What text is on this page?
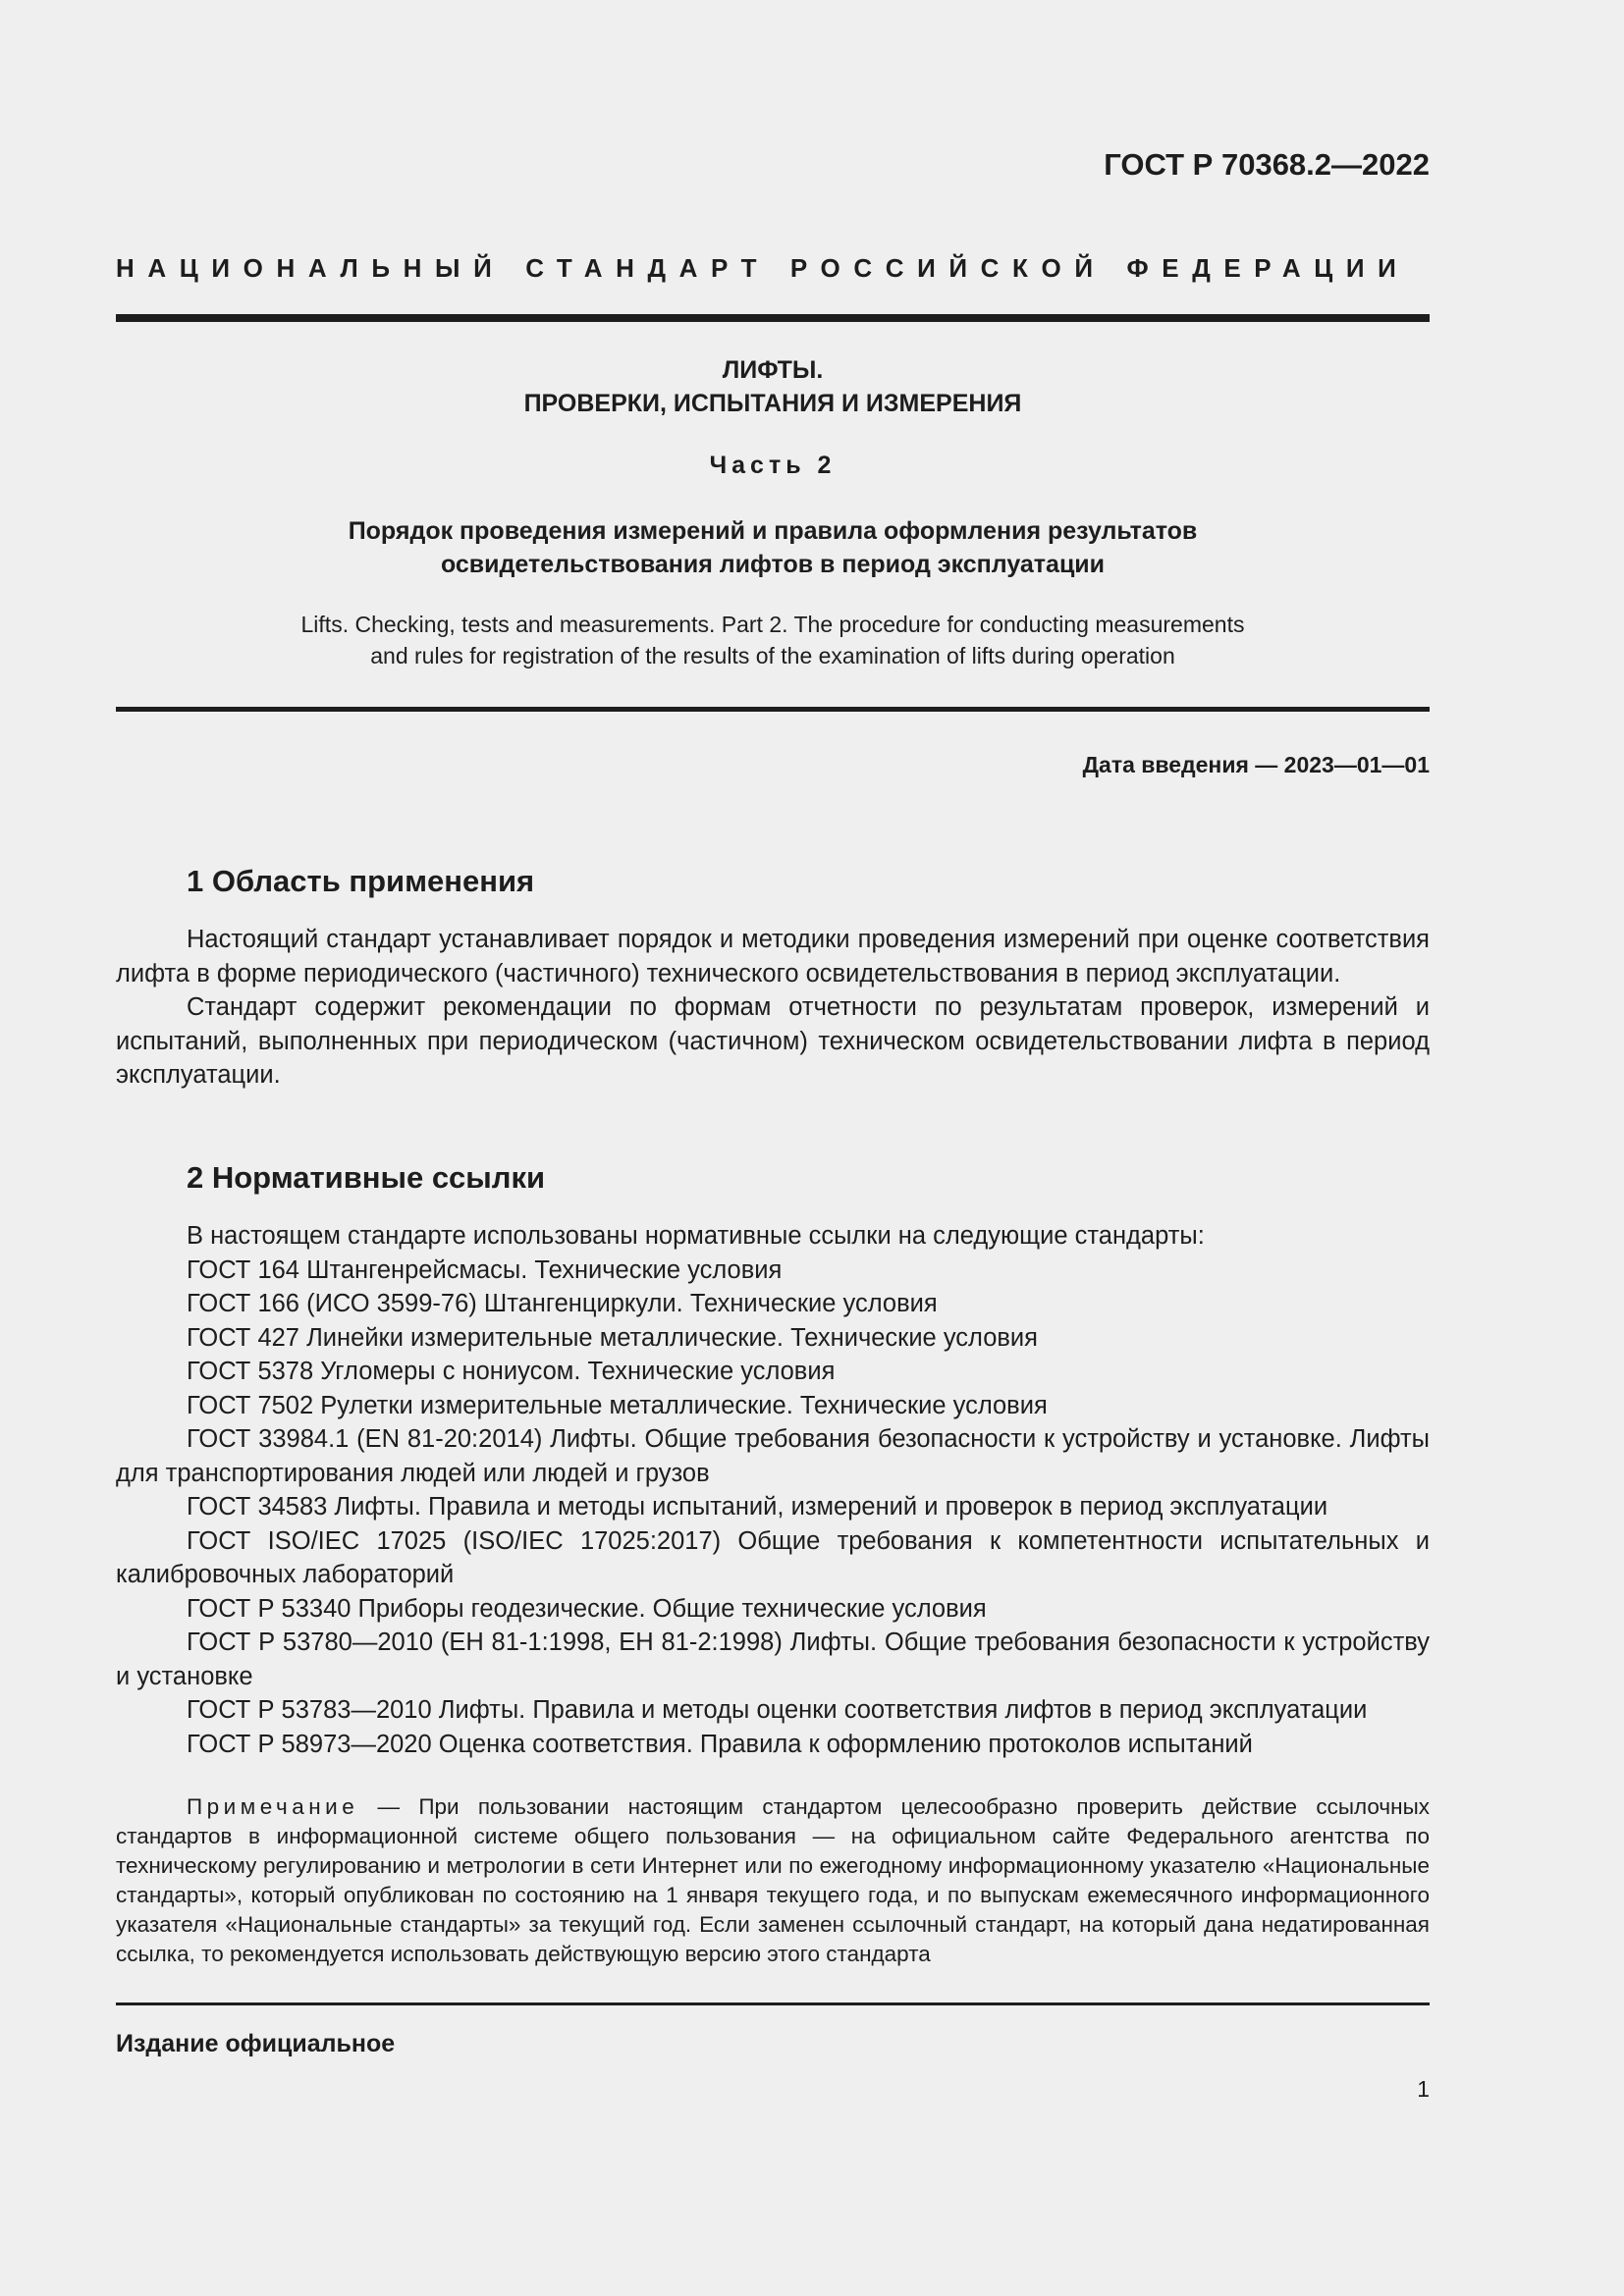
ГОСТ Р 70368.2—2022
НАЦИОНАЛЬНЫЙ СТАНДАРТ РОССИЙСКОЙ ФЕДЕРАЦИИ
ЛИФТЫ.
ПРОВЕРКИ, ИСПЫТАНИЯ И ИЗМЕРЕНИЯ
Часть 2
Порядок проведения измерений и правила оформления результатов
освидетельствования лифтов в период эксплуатации
Lifts. Checking, tests and measurements. Part 2. The procedure for conducting measurements
and rules for registration of the results of the examination of lifts during operation
Дата введения — 2023—01—01
1 Область применения

Настоящий стандарт устанавливает порядок и методики проведения измерений при оценке соответствия лифта в форме периодического (частичного) технического освидетельствования в период эксплуатации.

Стандарт содержит рекомендации по формам отчетности по результатам проверок, измерений и испытаний, выполненных при периодическом (частичном) техническом освидетельствовании лифта в период эксплуатации.

2 Нормативные ссылки

В настоящем стандарте использованы нормативные ссылки на следующие стандарты:

ГОСТ 164 Штангенрейсмасы. Технические условия

ГОСТ 166 (ИСО 3599-76) Штангенциркули. Технические условия

ГОСТ 427 Линейки измерительные металлические. Технические условия

ГОСТ 5378 Угломеры с нониусом. Технические условия

ГОСТ 7502 Рулетки измерительные металлические. Технические условия

ГОСТ 33984.1 (EN 81-20:2014) Лифты. Общие требования безопасности к устройству и установке. Лифты для транспортирования людей или людей и грузов

ГОСТ 34583 Лифты. Правила и методы испытаний, измерений и проверок в период эксплуатации

ГОСТ ISO/IEC 17025 (ISO/IEC 17025:2017) Общие требования к компетентности испытательных и калибровочных лабораторий

ГОСТ Р 53340 Приборы геодезические. Общие технические условия

ГОСТ Р 53780—2010 (ЕН 81-1:1998, ЕН 81-2:1998) Лифты. Общие требования безопасности к устройству и установке

ГОСТ Р 53783—2010 Лифты. Правила и методы оценки соответствия лифтов в период эксплуатации

ГОСТ Р 58973—2020 Оценка соответствия. Правила к оформлению протоколов испытаний

Примечание — При пользовании настоящим стандартом целесообразно проверить действие ссылочных стандартов в информационной системе общего пользования — на официальном сайте Федерального агентства по техническому регулированию и метрологии в сети Интернет или по ежегодному информационному указателю «Национальные стандарты», который опубликован по состоянию на 1 января текущего года, и по выпускам ежемесячного информационного указателя «Национальные стандарты» за текущий год. Если заменен ссылочный стандарт, на который дана недатированная ссылка, то рекомендуется использовать действующую версию этого стандарта

Издание официальное
1
